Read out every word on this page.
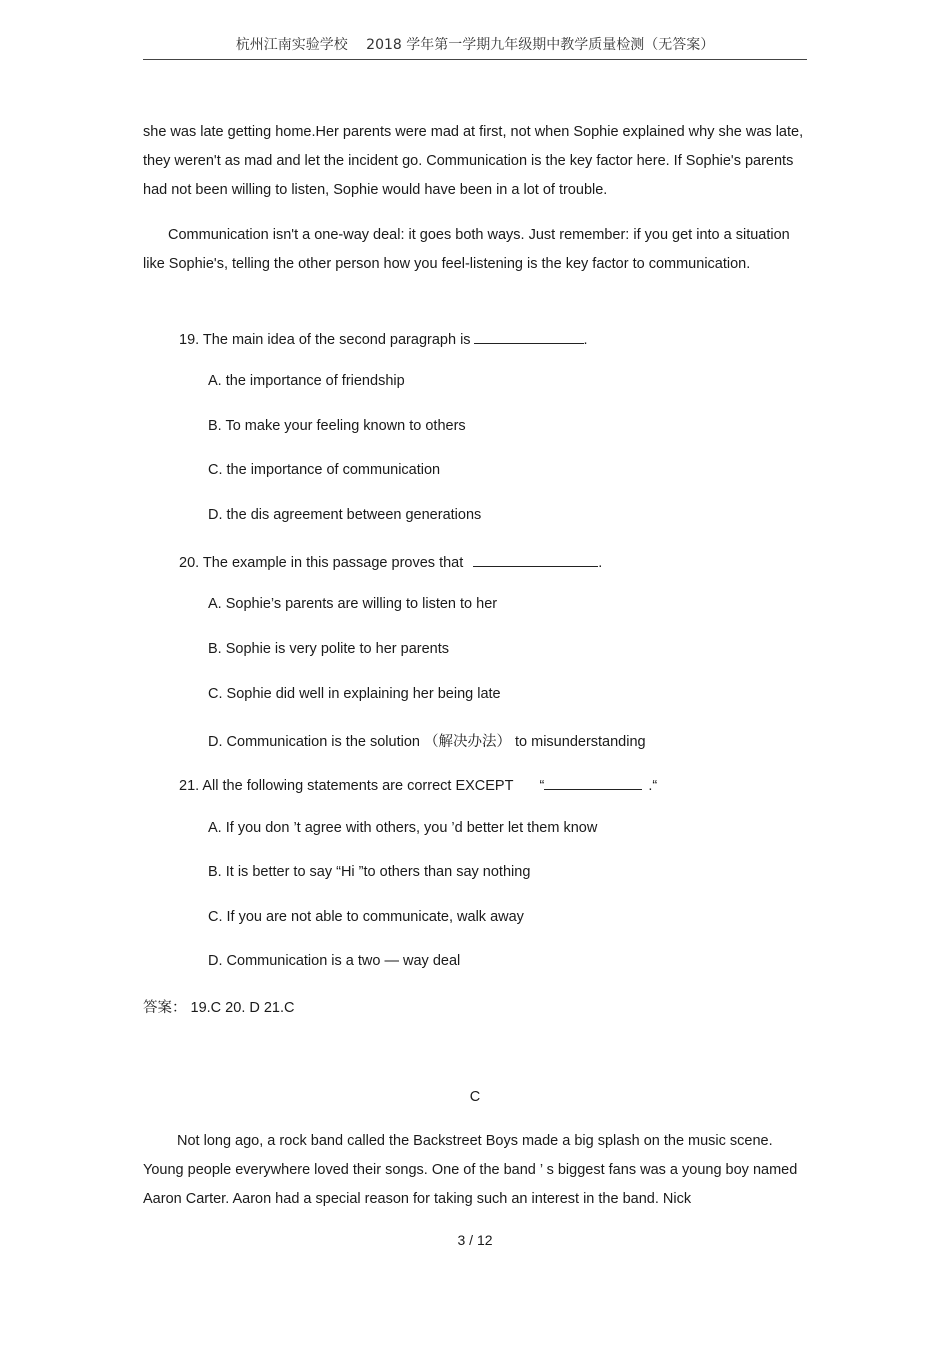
杭州江南实验学校　 2018 学年第一学期九年级期中教学质量检测（无答案）

she was late getting home.Her parents were mad at first, not when Sophie explained why she was late, they weren't as mad and let the incident go. Communication is the key factor here. If Sophie's parents had not been willing to listen, Sophie would have been in a lot of trouble.

Communication isn't a one-way deal: it goes both ways. Just remember: if you get into a situation like Sophie's, telling the other person how you feel-listening is the key factor to communication.

19. The main idea of the second paragraph is	.
A. the importance of friendship
B. To make your feeling known to others
C. the importance of communication
D. the dis agreement between generations
20. The example in this passage proves that	.
A. Sophie’s parents are willing to listen to her
B. Sophie is very polite to her parents
C. Sophie did well in explaining her being late
D. Communication is the solution （解决办法） to misunderstanding
21. All the following statements are correct EXCEPT “	.“
A. If you don ’t agree with others, you ’d better let them know
B. It is better to say “Hi ”to others than say nothing
C. If you are not able to communicate, walk away
D. Communication is a two — way deal
答案： 19.C 20. D 21.C
C

Not long ago, a rock band called the Backstreet Boys made a big splash on the music scene. Young people everywhere loved their songs. One of the band ’ s biggest fans was a young boy named Aaron Carter. Aaron had a special reason for taking such an interest in the band. Nick

3 / 12
